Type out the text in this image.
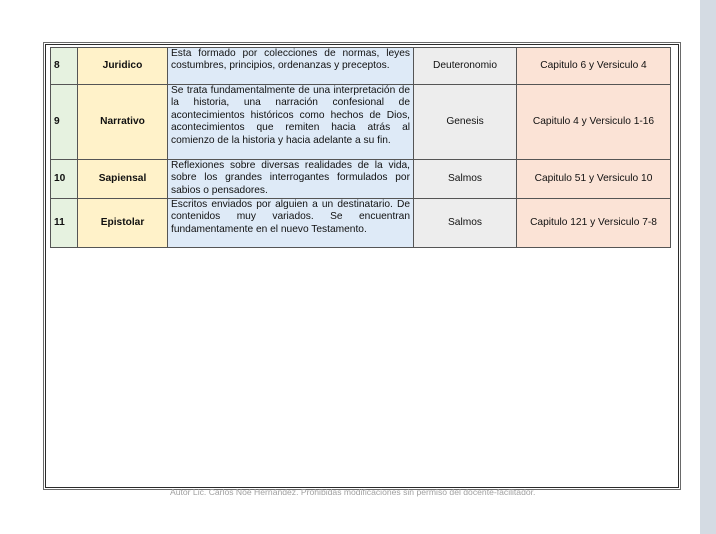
8	Juridico	Esta formado por colecciones de normas, leyes costumbres, principios, ordenanzas y preceptos.	Deuteronomio	Capitulo 6 y Versiculo 4
9	Narrativo	Se trata fundamentalmente de una interpretación de la historia, una narración confesional de acontecimientos históricos como hechos de Dios, acontecimientos que remiten hacia atrás al comienzo de la historia y hacia adelante a su fin.	Genesis	Capitulo 4 y Versiculo 1-16
10	Sapiensal	Reflexiones sobre diversas realidades de la vida, sobre los grandes interrogantes formulados por sabios o pensadores.	Salmos	Capitulo 51 y Versiculo 10
11	Epistolar	Escritos enviados por alguien a un destinatario. De contenidos muy variados. Se encuentran fundamentamente en el nuevo Testamento.	Salmos	Capitulo 121 y Versiculo 7-8
Autor Lic. Carlos Noé Hernández. Prohibidas modificaciones sin permiso del docente-facilitador.
